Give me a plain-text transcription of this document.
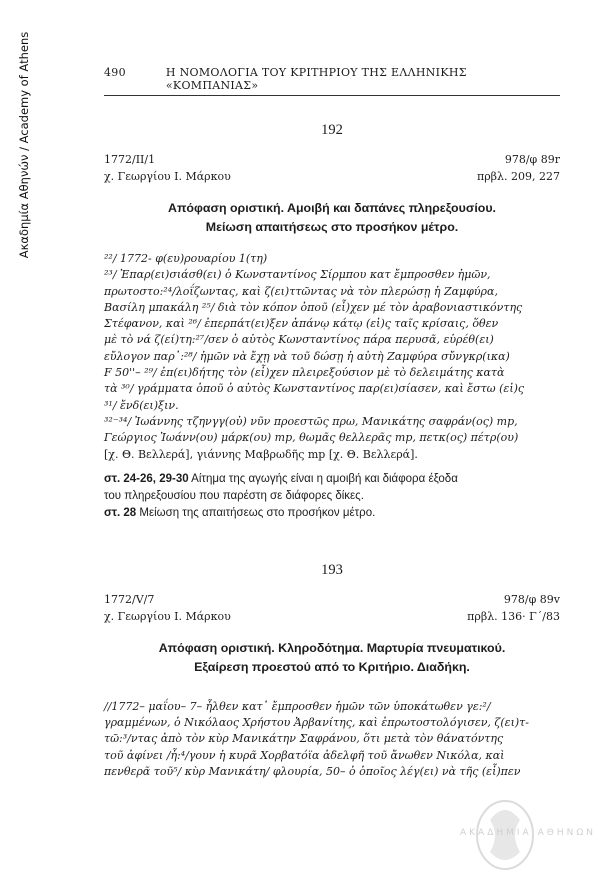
Ακαδημία Αθηνών / Academy of Athens	490	Η ΝΟΜΟΛΟΓΙΑ ΤΟΥ ΚΡΙΤΗΡΙΟΥ ΤΗΣ ΕΛΛΗΝΙΚΗΣ «ΚΟΜΠΑΝΙΑΣ»
192
1772/ΙΙ/1
χ. Γεωργίου Ι. Μάρκου
978/φ 89r
πρβλ. 209, 227
Απόφαση οριστική. Αμοιβή και δαπάνες πληρεξουσίου.
Μείωση απαιτήσεως στο προσήκον μέτρο.
²²/ 1772- φ(ευ)ρουαρίου 1(τη)
²³/ Ἐπαρ(ει)σιάσθ(ει) ὁ Κωνσταντίνος Σίρμπου κατ ἔμπροσθεν ἡμῶν,
πρωτοστο:²⁴/λοΐζωντας, καὶ ζ(ει)ττῶντας νὰ τὸν πλερώσῃ ἡ Ζαμφύρα,
Βασίλη μπακάλη ²⁵/ διὰ τὸν κόπον ὁποῦ (εἶ)χεν μέ τὸν ἀραβονιαστικόντης
Στέφανον, καὶ ²⁶/ ἐπερπάτ(ει)ξεν ἀπάνῳ κάτῳ (εἰ)ς ταῖς κρίσαις, ὅθεν
μὲ τὸ νά ζ(εί)τη:²⁷/σεν ὁ αὐτὸς Κωνσταντίνος πάρα περυσᾶ, εὑρέθ(ει)
εὔλογον παρ᾽:²⁸/ ἡμῶν νὰ ἔχῃ νὰ τοῦ δώσῃ ἡ αὐτὴ Ζαμφύρα σὔνγκρ(ικα)
F 50''– ²⁹/ ἐπ(ει)δήτης τὸν (εἶ)χεν πλειρεξούσιον μὲ τὸ δελειμάτης κατὰ
τὰ ³⁰/ γράμματα ὁποῦ ὁ αὐτὸς Κωνσταντίνος παρ(ει)σίασεν, καὶ ἔστω (εἰ)ς
³¹/ ἔνδ(ει)ξιν.
³²⁻³⁴/ Ἰωάννης τζηνγγ(οὐ) νῦν προεστῶς πρω, Μανικάτης σαφράν(ος) mp,
Γεώργιος Ἰωάνν(ου) μάρκ(ου) mp, θωμᾶς θελλερᾶς mp, πετκ(ος) πέτρ(ου)
[χ. Θ. Βελλερά], γιάννης Μαβρωδῆς mp [χ. Θ. Βελλερά].
στ. 24-26, 29-30 Αίτημα της αγωγής είναι η αμοιβή και διάφορα έξοδα
του πληρεξουσίου που παρέστη σε διάφορες δίκες.
στ. 28 Μείωση της απαιτήσεως στο προσήκον μέτρο.
193
1772/V/7
χ. Γεωργίου Ι. Μάρκου
978/φ 89v
πρβλ. 136· Γ΄/83
Απόφαση οριστική. Κληροδότημα. Μαρτυρία πνευματικού.
Εξαίρεση προεστού από το Κριτήριο. Διαδήκη.
//1772– μαΐου– 7– ἦλθεν κατ᾽ ἔμπροσθεν ἡμῶν τῶν ὑποκάτωθεν γε:²/
γραμμένων, ὁ Νικόλαος Χρήστου Ἀρβανίτης, καὶ ἐπρωτοστολόγισεν, ζ(ει)τ-
τῶ:³/ντας ἀπὸ τὸν κὺρ Μανικάτην Σαφράνου, ὅτι μετὰ τὸν θάνατόντης
τοῦ ἀφίνει /ἦ:⁴/γουν ἡ κυρᾶ Χορβατόϊα ἀδελφῆ τοῦ ἄνωθεν Νικόλα, καὶ
πενθερᾶ τοῦ⁵/ κὺρ Μανικάτη/ φλουρία, 50– ὁ ὁποῖος λέγ(ει) νὰ τῆς (εἶ)πεν
ΑΚΑΔΗΜΙΑ ΑΘΗΝΩΝ
